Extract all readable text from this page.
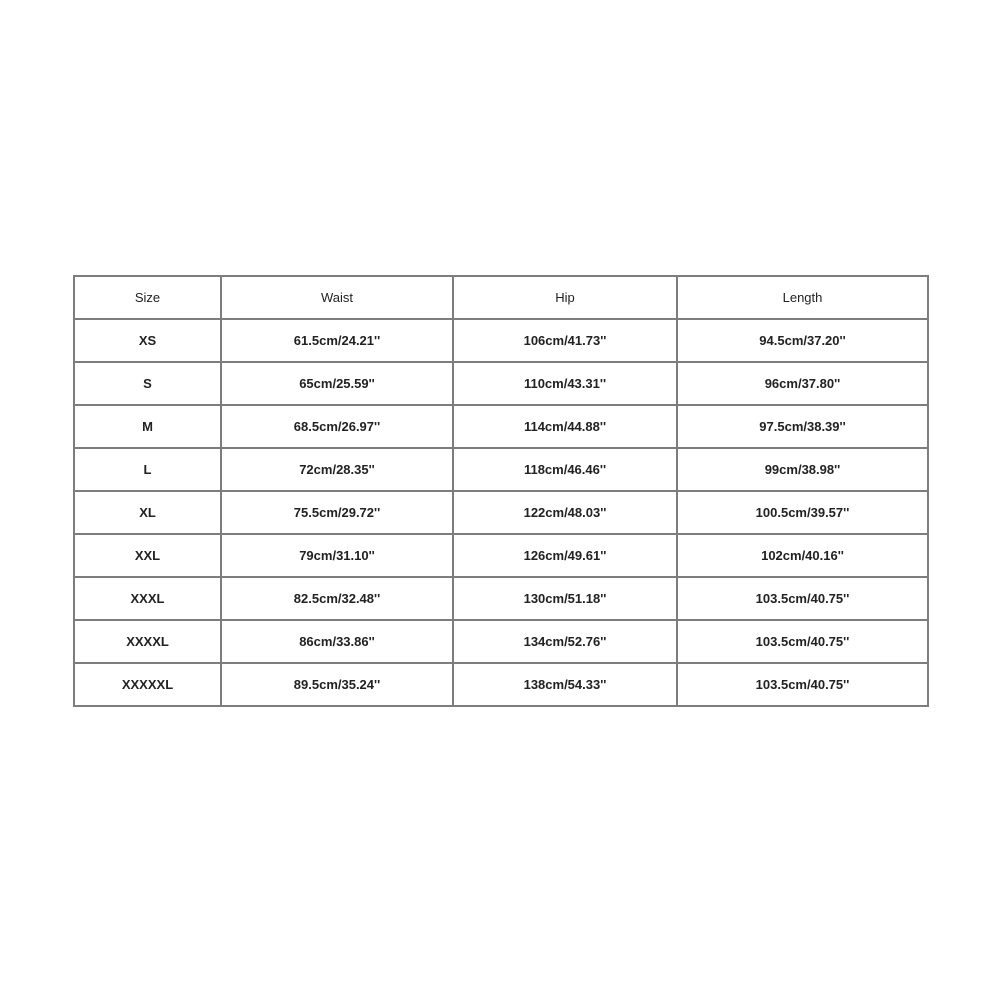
Size	Waist	Hip	Length
XS	61.5cm/24.21''	106cm/41.73''	94.5cm/37.20''
S	65cm/25.59''	110cm/43.31''	96cm/37.80''
M	68.5cm/26.97''	114cm/44.88''	97.5cm/38.39''
L	72cm/28.35''	118cm/46.46''	99cm/38.98''
XL	75.5cm/29.72''	122cm/48.03''	100.5cm/39.57''
XXL	79cm/31.10''	126cm/49.61''	102cm/40.16''
XXXL	82.5cm/32.48''	130cm/51.18''	103.5cm/40.75''
XXXXL	86cm/33.86''	134cm/52.76''	103.5cm/40.75''
XXXXXL	89.5cm/35.24''	138cm/54.33''	103.5cm/40.75''
